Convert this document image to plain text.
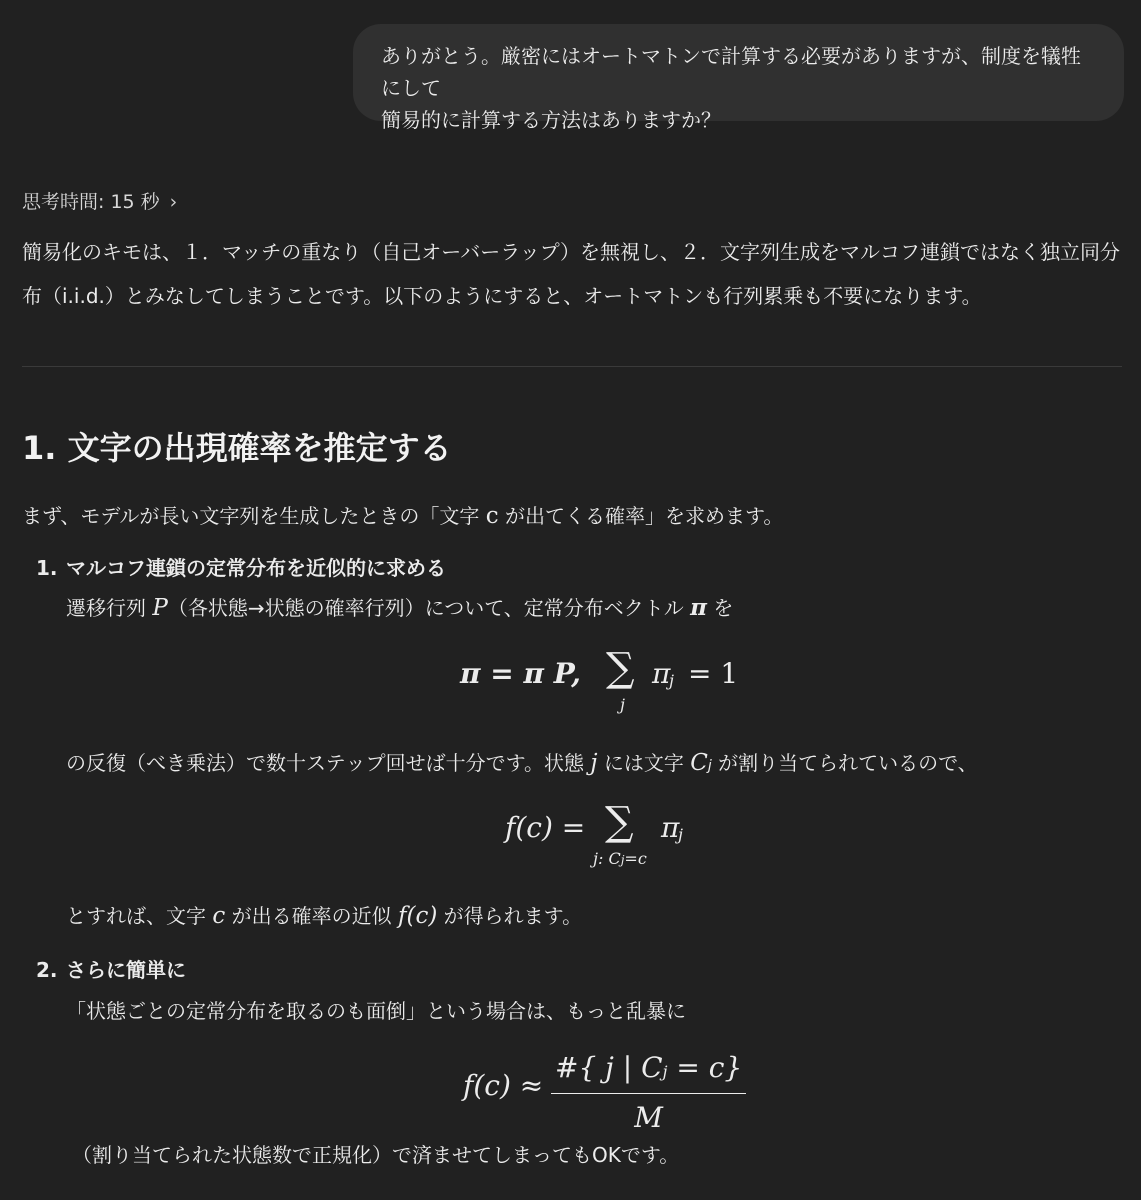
ありがとう。厳密にはオートマトンで計算する必要がありますが、制度を犠牲にして
簡易的に計算する方法はありますか？
思考時間: 15 秒 ›
簡易化のキモは、１．マッチの重なり（自己オーバーラップ）を無視し、２．文字列生成をマルコフ連鎖ではなく独立同分
布（i.i.d.）とみなしてしまうことです。以下のようにすると、オートマトンも行列累乗も不要になります。
1. 文字の出現確率を推定する
まず、モデルが長い文字列を生成したときの「文字 c が出てくる確率」を求めます。
1. マルコフ連鎖の定常分布を近似的に求める
遷移行列 P（各状態→状態の確率行列）について、定常分布ベクトル π を
π = π P, ∑
j
π
j = 1
の反復（べき乗法）で数十ステップ回せば十分です。状態 j には文字 Cj が割り当てられているので、
f(c) = ∑
j: Cj=c
π
j
とすれば、文字 c が出る確率の近似 f(c) が得られます。
2. さらに簡単に
「状態ごとの定常分布を取るのも面倒」という場合は、もっと乱暴に
$f(c) \approx \frac{\#\{ j | Cj = c\}}{M}$
（割り当てられた状態数で正規化）で済ませてしまってもOKです。
